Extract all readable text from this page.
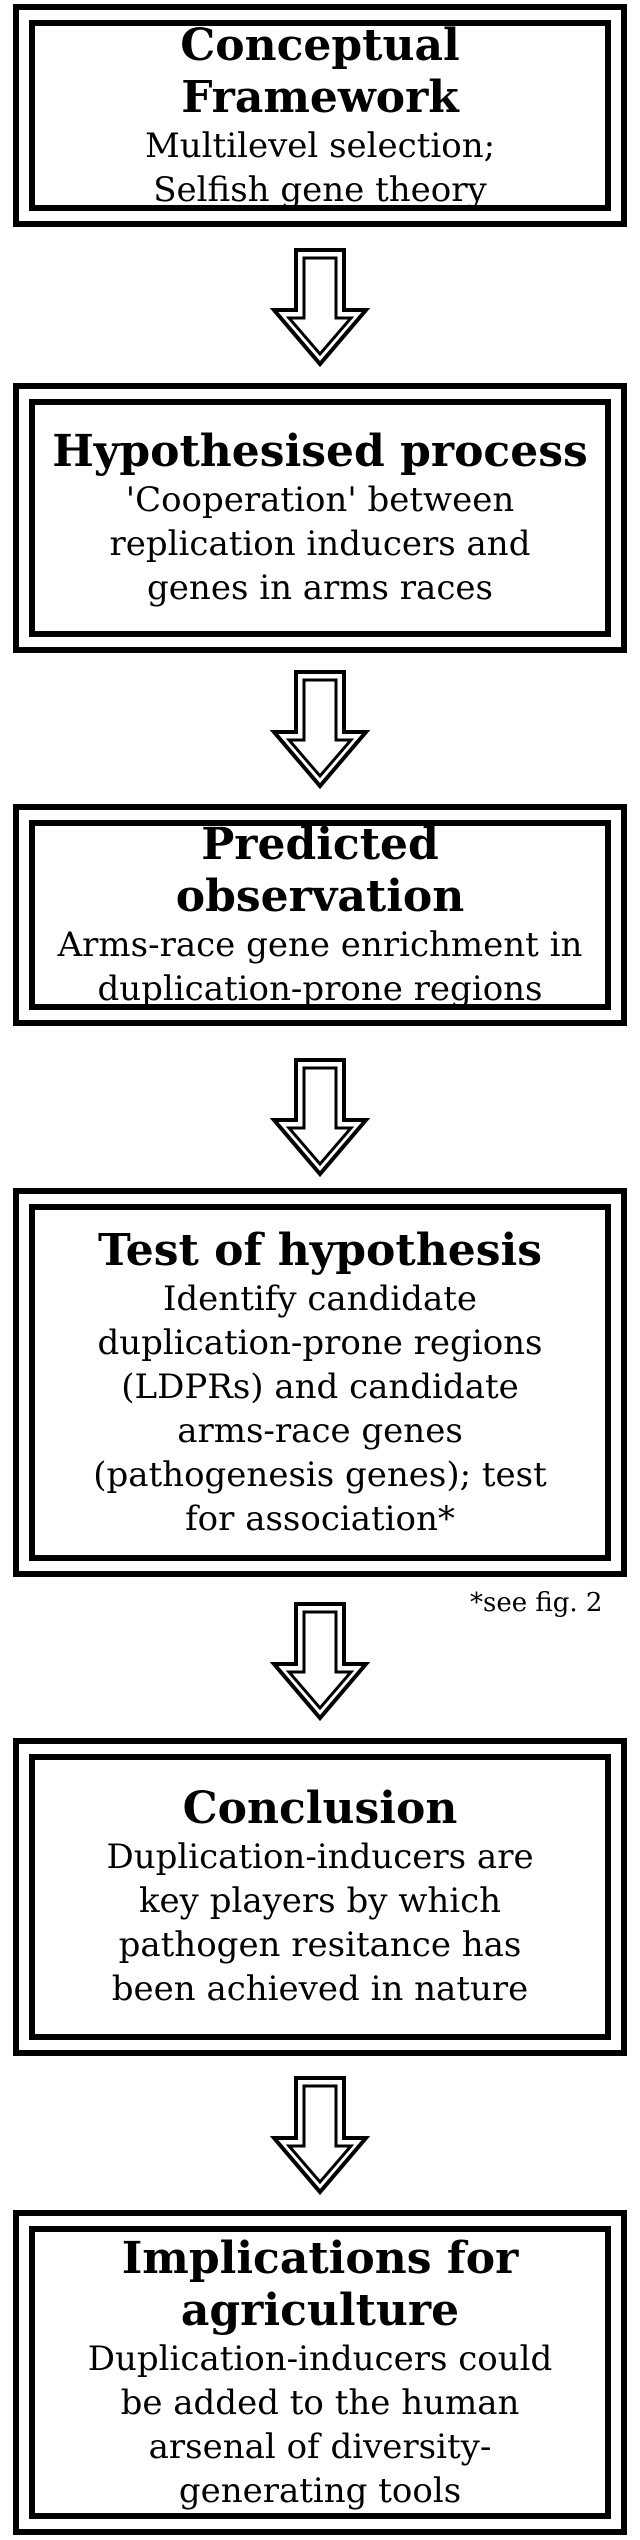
Conceptual Framework

Multilevel selection;

Selfish gene theory

Hypothesised process

'Cooperation' between

replication inducers and

genes in arms races

Predicted observation

Arms-race gene enrichment in

duplication-prone regions

Test of hypothesis

Identify candidate

duplication-prone regions

(LDPRs) and candidate

arms-race genes

(pathogenesis genes); test

for association*

*see fig. 2

Conclusion

Duplication-inducers are

key players by which

pathogen resitance has

been achieved in nature

Implications for

agriculture

Duplication-inducers could

be added to the human

arsenal of diversity-

generating tools
